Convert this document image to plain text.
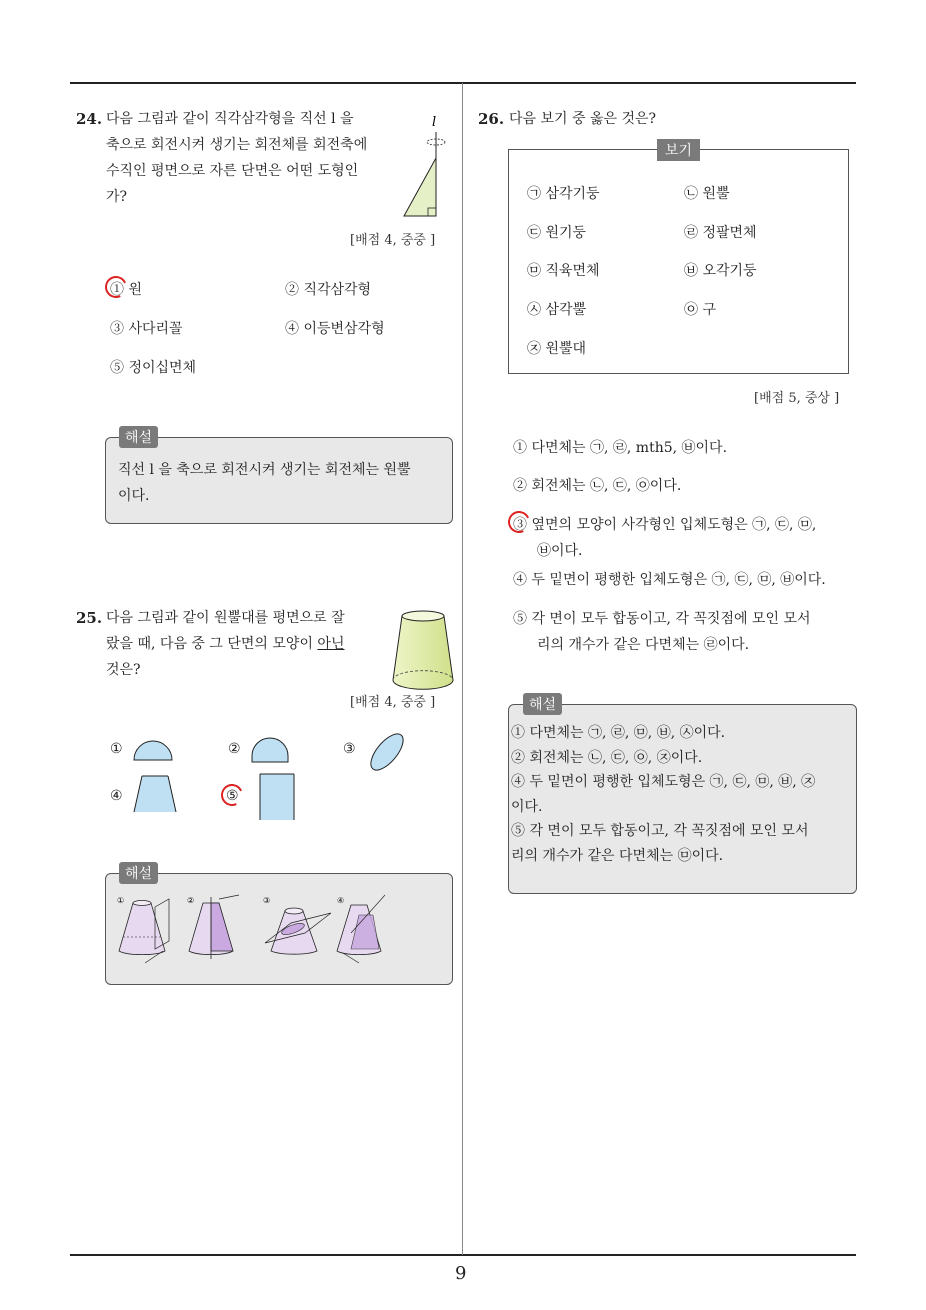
9
24. 다음 그림과 같이 직각삼각형을 직선 l 을
축으로 회전시켜 생기는 회전체를 회전축에
수직인 평면으로 자른 단면은 어떤 도형인
가?
l
[배점 4, 중중 ]
① 원	② 직각삼각형
③ 사다리꼴	④ 이등변삼각형
⑤ 정이십면체
해설
직선 l 을 축으로 회전시켜 생기는 회전체는 원뿔
이다.
25. 다음 그림과 같이 원뿔대를 평면으로 잘
랐을 때, 다음 중 그 단면의 모양이 아닌
것은?
[배점 4, 중중 ]
①	②	③
④	⑤
해설
①	②	③	④
26. 다음 보기 중 옳은 것은?
보기
㉠ 삼각기둥	㉡ 원뿔
㉢ 원기둥	㉣ 정팔면체
㉤ 직육면체	㉥ 오각기둥
㉦ 삼각뿔	㉧ 구
㉨ 원뿔대
[배점 5, 중상 ]
① 다면체는 ㉠, ㉣, mth5, ㉥이다.
② 회전체는 ㉡, ㉢, ㉧이다.
③ 옆면의 모양이 사각형인 입체도형은 ㉠, ㉢, ㉤,
㉥이다.
④ 두 밑면이 평행한 입체도형은 ㉠, ㉢, ㉤, ㉥이다.
⑤ 각 면이 모두 합동이고, 각 꼭짓점에 모인 모서
리의 개수가 같은 다면체는 ㉣이다.
해설
① 다면체는 ㉠, ㉣, ㉤, ㉥, ㉦이다.
② 회전체는 ㉡, ㉢, ㉧, ㉨이다.
④ 두 밑면이 평행한 입체도형은 ㉠, ㉢, ㉤, ㉥, ㉨
이다.
⑤ 각 면이 모두 합동이고, 각 꼭짓점에 모인 모서
리의 개수가 같은 다면체는 ㉤이다.
